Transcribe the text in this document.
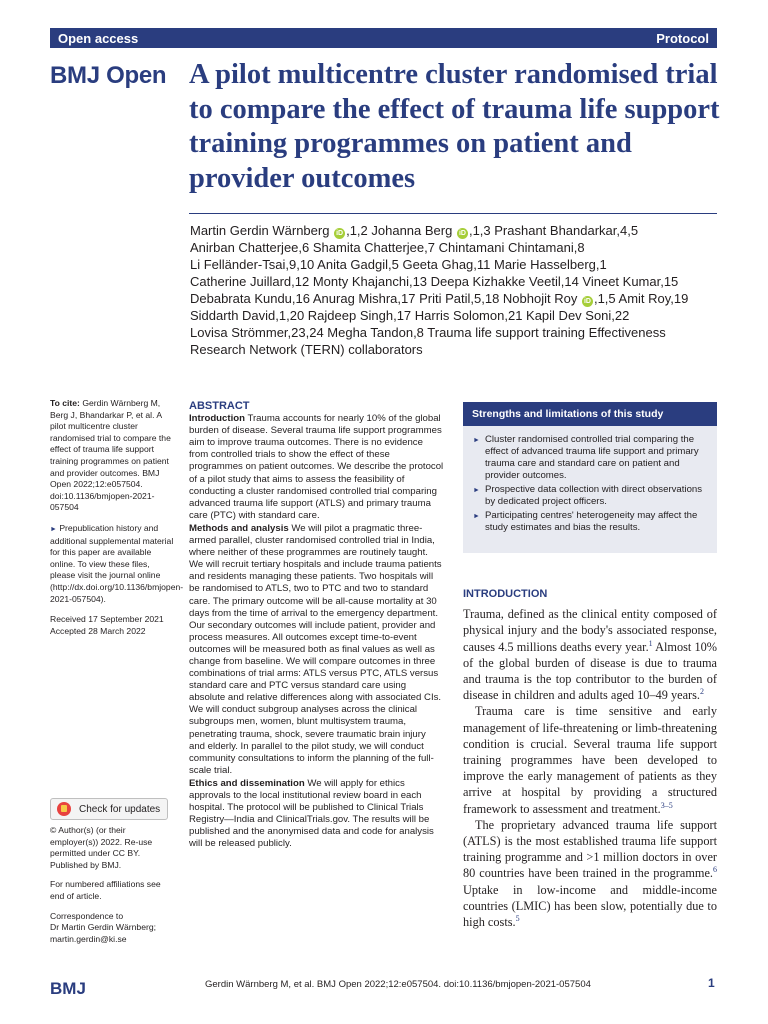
Open access	Protocol
BMJ Open A pilot multicentre cluster randomised trial to compare the effect of trauma life support training programmes on patient and provider outcomes

Martin Gerdin Wärnberg iD ,1,2 Johanna Berg iD ,1,3 Prashant Bhandarkar,4,5

Anirban Chatterjee,6 Shamita Chatterjee,7 Chintamani Chintamani,8

Li Felländer-Tsai,9,10 Anita Gadgil,5 Geeta Ghag,11 Marie Hasselberg,1

Catherine Juillard,12 Monty Khajanchi,13 Deepa Kizhakke Veetil,14 Vineet Kumar,15

Debabrata Kundu,16 Anurag Mishra,17 Priti Patil,5,18 Nobhojit Roy iD ,1,5 Amit Roy,19

Siddarth David,1,20 Rajdeep Singh,17 Harris Solomon,21 Kapil Dev Soni,22

Lovisa Strömmer,23,24 Megha Tandon,8 Trauma life support training Effectiveness

Research Network (TERN) collaborators

To cite: Gerdin Wärnberg M, Berg J, Bhandarkar P, et al. A pilot multicentre cluster randomised trial to compare the effect of trauma life support training programmes on patient and provider outcomes. BMJ Open 2022;12:e057504. doi:10.1136/bmjopen-2021-057504
► Prepublication history and additional supplemental material for this paper are available online. To view these files, please visit the journal online (http://dx.doi.org/10.1136/bmjopen-2021-057504).
Received 17 September 2021
Accepted 28 March 2022
Check for updates
© Author(s) (or their employer(s)) 2022. Re-use permitted under CC BY. Published by BMJ.
For numbered affiliations see end of article.
Correspondence to
Dr Martin Gerdin Wärnberg; martin.gerdin@ki.se
ABSTRACT

Introduction Trauma accounts for nearly 10% of the global burden of disease. Several trauma life support programmes aim to improve trauma outcomes. There is no evidence from controlled trials to show the effect of these programmes on patient outcomes. We describe the protocol of a pilot study that aims to assess the feasibility of conducting a cluster randomised controlled trial comparing advanced trauma life support (ATLS) and primary trauma care (PTC) with standard care.

Methods and analysis We will pilot a pragmatic three-armed parallel, cluster randomised controlled trial in India, where neither of these programmes are routinely taught. We will recruit tertiary hospitals and include trauma patients and residents managing these patients. Two hospitals will be randomised to ATLS, two to PTC and two to standard care. The primary outcome will be all-cause mortality at 30 days from the time of arrival to the emergency department. Our secondary outcomes will include patient, provider and process measures. All outcomes except time-to-event outcomes will be measured both as final values as well as change from baseline. We will compare outcomes in three combinations of trial arms: ATLS versus PTC, ATLS versus standard care and PTC versus standard care using absolute and relative differences along with associated CIs. We will conduct subgroup analyses across the clinical subgroups men, women, blunt multisystem trauma, penetrating trauma, shock, severe traumatic brain injury and elderly. In parallel to the pilot study, we will conduct community consultations to inform the planning of the full-scale trial.

Ethics and dissemination We will apply for ethics approvals to the local institutional review board in each hospital. The protocol will be published to Clinical Trials Registry—India and ClinicalTrials.gov. The results will be published and the anonymised data and code for analysis will be released publicly.

Strengths and limitations of this study
► Cluster randomised controlled trial comparing the effect of advanced trauma life support and primary trauma care and standard care on patient and provider outcomes.
► Prospective data collection with direct observations by dedicated project officers.
► Participating centres' heterogeneity may affect the study estimates and bias the results.
INTRODUCTION

Trauma, defined as the clinical entity composed of physical injury and the body's associated response, causes 4.5 millions deaths every year.$^1$ Almost 10% of the global burden of disease is due to trauma and trauma is the top contributor to the burden of disease in children and adults aged 10–49 years.$^2$

Trauma care is time sensitive and early management of life-threatening or limb-threatening condition is crucial. Several trauma life support training programmes have been developed to improve the early management of patients as they arrive at hospital by providing a structured framework to assessment and treatment.$^{3-5}$

The proprietary advanced trauma life support (ATLS) is the most established trauma life support training programme and >1 million doctors in over 80 countries have been trained in the programme.$^6$ Uptake in low-income and middle-income countries (LMIC) has been slow, potentially due to high costs.$^5$

BMJ	Gerdin Wärnberg M, et al. BMJ Open 2022;12:e057504. doi:10.1136/bmjopen-2021-057504	1
